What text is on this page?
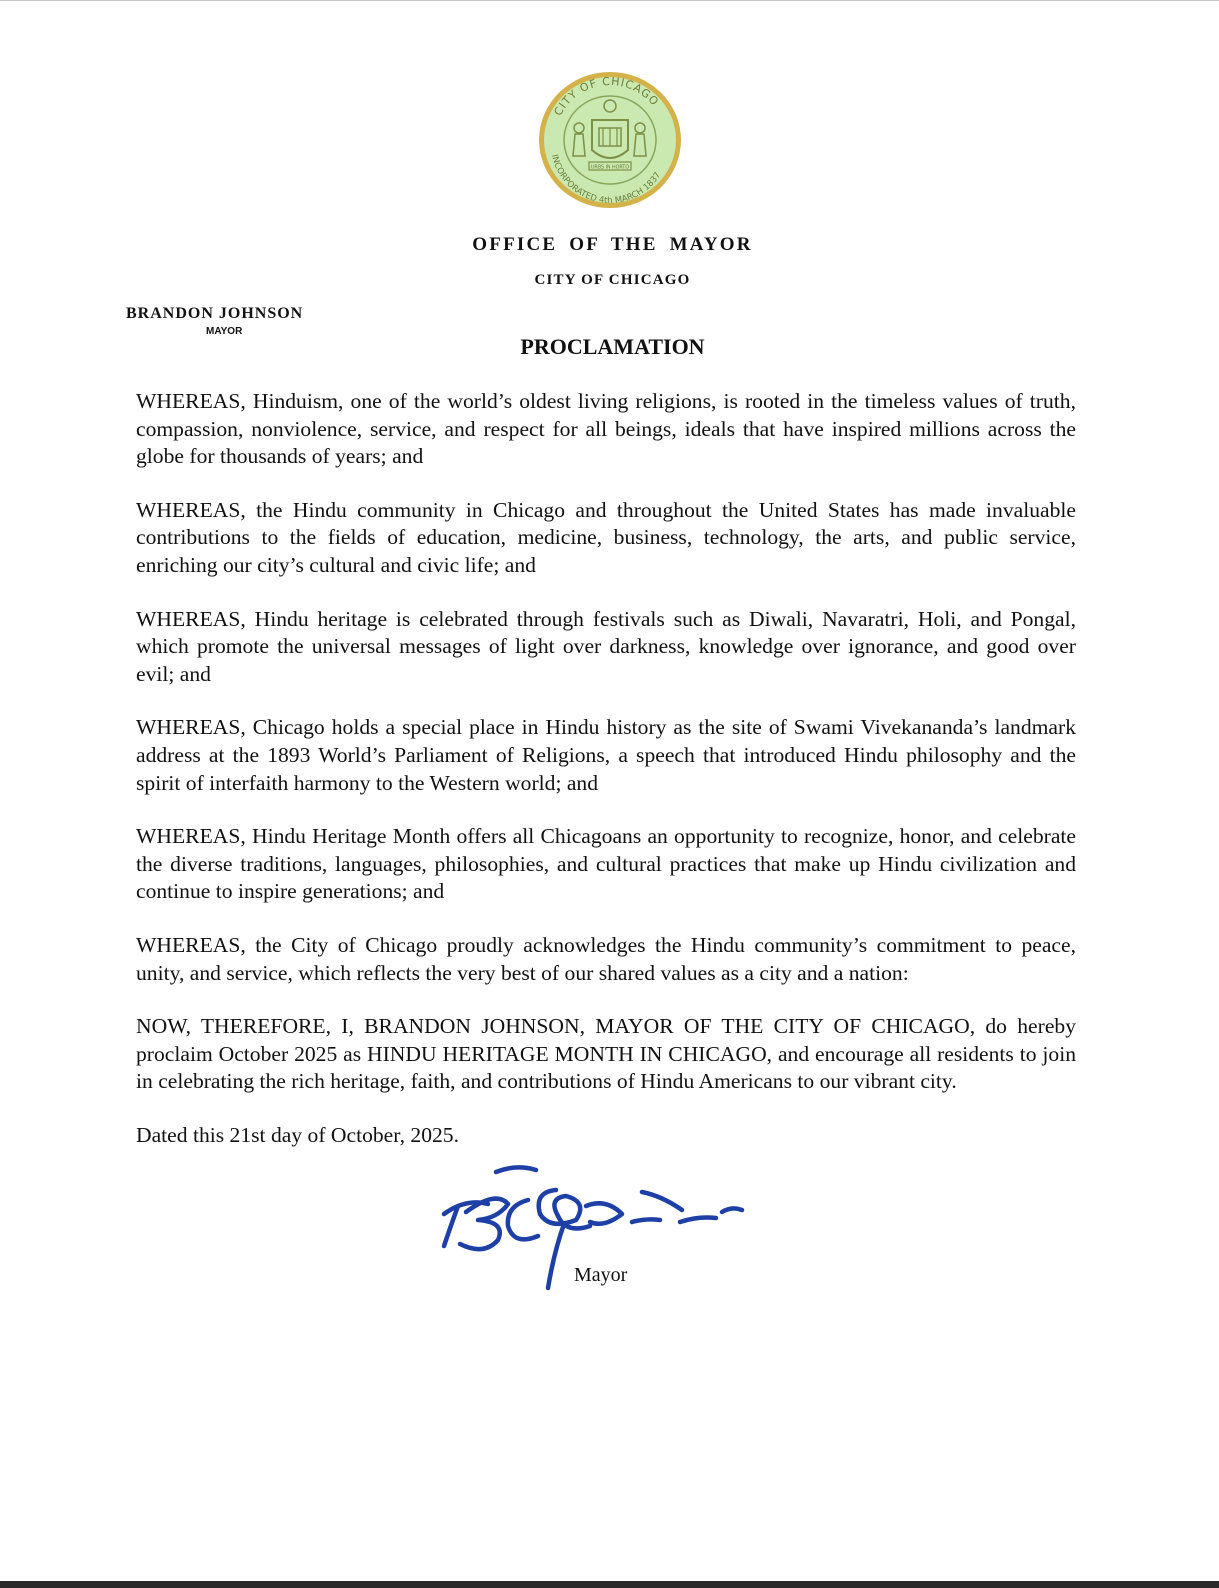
CITY OF CHICAGO
INCORPORATED 4th MARCH 1837
URBS IN HORTO
OFFICE OF THE MAYOR
CITY OF CHICAGO
BRANDON JOHNSON
MAYOR
PROCLAMATION

WHEREAS, Hinduism, one of the world’s oldest living religions, is rooted in the timeless values of truth, compassion, nonviolence, service, and respect for all beings, ideals that have inspired millions across the globe for thousands of years; and

WHEREAS, the Hindu community in Chicago and throughout the United States has made invaluable contributions to the fields of education, medicine, business, technology, the arts, and public service, enriching our city’s cultural and civic life; and

WHEREAS, Hindu heritage is celebrated through festivals such as Diwali, Navaratri, Holi, and Pongal, which promote the universal messages of light over darkness, knowledge over ignorance, and good over evil; and

WHEREAS, Chicago holds a special place in Hindu history as the site of Swami Vivekananda’s landmark address at the 1893 World’s Parliament of Religions, a speech that introduced Hindu philosophy and the spirit of interfaith harmony to the Western world; and

WHEREAS, Hindu Heritage Month offers all Chicagoans an opportunity to recognize, honor, and celebrate the diverse traditions, languages, philosophies, and cultural practices that make up Hindu civilization and continue to inspire generations; and

WHEREAS, the City of Chicago proudly acknowledges the Hindu community’s commitment to peace, unity, and service, which reflects the very best of our shared values as a city and a nation:

NOW, THEREFORE, I, BRANDON JOHNSON, MAYOR OF THE CITY OF CHICAGO, do hereby proclaim October 2025 as HINDU HERITAGE MONTH IN CHICAGO, and encourage all residents to join in celebrating the rich heritage, faith, and contributions of Hindu Americans to our vibrant city.

Dated this 21st day of October, 2025.

Mayor
